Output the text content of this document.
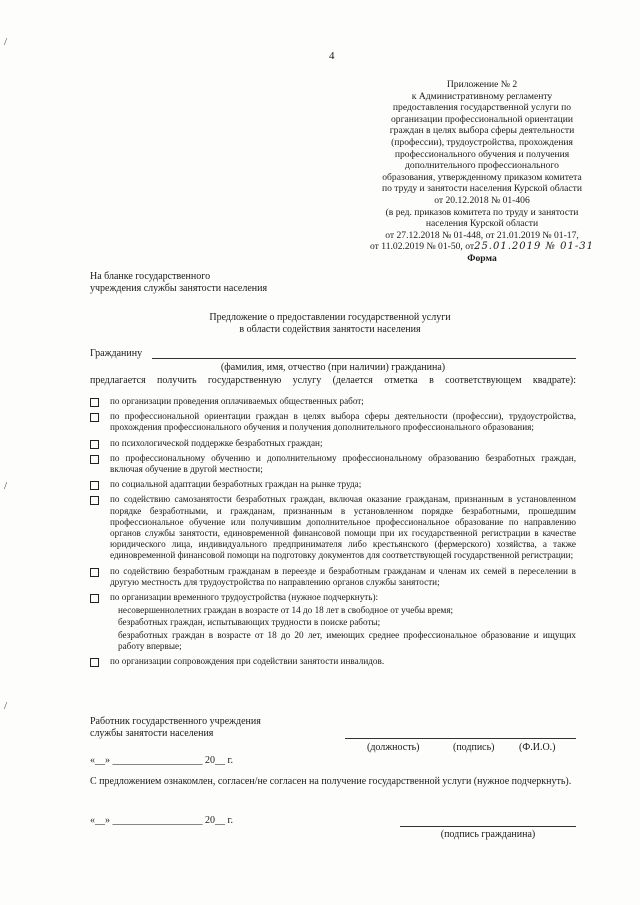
/
/
/
4
Приложение № 2
к Административному регламенту
предоставления государственной услуги по
организации профессиональной ориентации
граждан в целях выбора сферы деятельности
(профессии), трудоустройства, прохождения
профессионального обучения и получения
дополнительного профессионального
образования, утвержденному приказом комитета
по труду и занятости населения Курской области
от 20.12.2018 № 01-406
(в ред. приказов комитета по труду и занятости
населения Курской области
от 27.12.2018 № 01-448, от 21.01.2019 № 01-17,
от 11.02.2019 № 01-50, от25.01.2019 № 01-31
Форма
На бланке государственного
учреждения службы занятости населения
Предложение о предоставлении государственной услуги
в области содействия занятости населения
Гражданину
(фамилия, имя, отчество (при наличии) гражданина)
предлагается получить государственную услугу (делается отметка в соответствующем квадрате):
по организации проведения оплачиваемых общественных работ;
по профессиональной ориентации граждан в целях выбора сферы деятельности (профессии), трудоустройства, прохождения профессионального обучения и получения дополнительного профессионального образования;
по психологической поддержке безработных граждан;
по профессиональному обучению и дополнительному профессиональному образованию безработных граждан, включая обучение в другой местности;
по социальной адаптации безработных граждан на рынке труда;
по содействию самозанятости безработных граждан, включая оказание гражданам, признанным в установленном порядке безработными, и гражданам, признанным в установленном порядке безработными, прошедшим профессиональное обучение или получившим дополнительное профессиональное образование по направлению органов службы занятости, единовременной финансовой помощи при их государственной регистрации в качестве юридического лица, индивидуального предпринимателя либо крестьянского (фермерского) хозяйства, а также единовременной финансовой помощи на подготовку документов для соответствующей государственной регистрации;
по содействию безработным гражданам в переезде и безработным гражданам и членам их семей в переселении в другую местность для трудоустройства по направлению органов службы занятости;
по организации временного трудоустройства (нужное подчеркнуть):
несовершеннолетних граждан в возрасте от 14 до 18 лет в свободное от учебы время;
безработных граждан, испытывающих трудности в поиске работы;
безработных граждан в возрасте от 18 до 20 лет, имеющих среднее профессиональное образование и ищущих работу впервые;
по организации сопровождения при содействии занятости инвалидов.
Работник государственного учреждения
службы занятости населения
(должность)	(подпись) (Ф.И.О.)
«__» __________________ 20__ г.
С предложением ознакомлен, согласен/не согласен на получение государственной услуги (нужное подчеркнуть).
«__» __________________ 20__ г.
(подпись гражданина)
